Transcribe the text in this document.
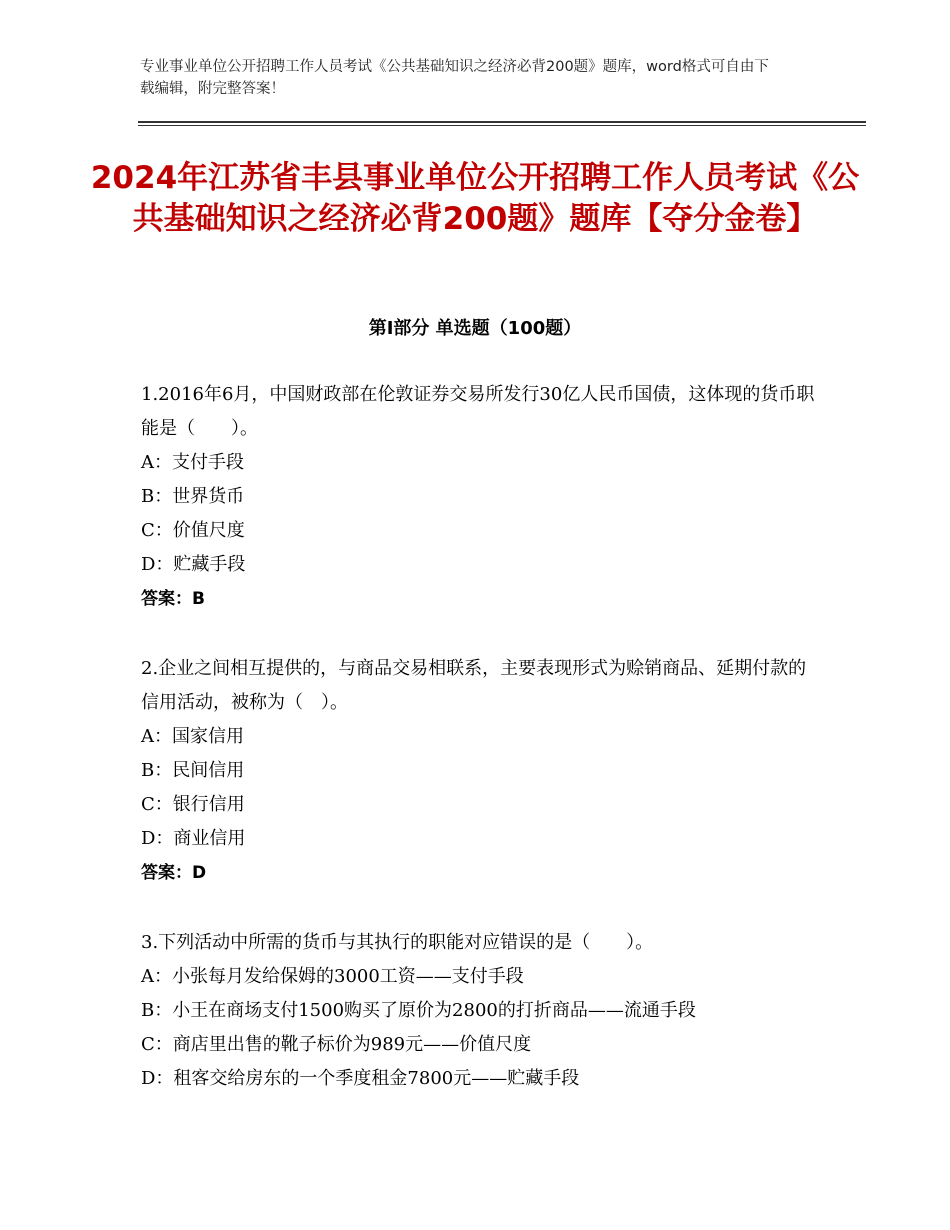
专业事业单位公开招聘工作人员考试《公共基础知识之经济必背200题》题库，word格式可自由下载编辑，附完整答案！
2024年江苏省丰县事业单位公开招聘工作人员考试《公共基础知识之经济必背200题》题库【夺分金卷】
第Ⅰ部分 单选题（100题）
1.2016年6月，中国财政部在伦敦证券交易所发行30亿人民币国债，这体现的货币职能是（　　）。
A：支付手段
B：世界货币
C：价值尺度
D：贮藏手段
答案：B
2.企业之间相互提供的，与商品交易相联系，主要表现形式为赊销商品、延期付款的信用活动，被称为（　）。
A：国家信用
B：民间信用
C：银行信用
D：商业信用
答案：D
3.下列活动中所需的货币与其执行的职能对应错误的是（　　）。
A：小张每月发给保姆的3000工资——支付手段
B：小王在商场支付1500购买了原价为2800的打折商品——流通手段
C：商店里出售的靴子标价为989元——价值尺度
D：租客交给房东的一个季度租金7800元——贮藏手段
